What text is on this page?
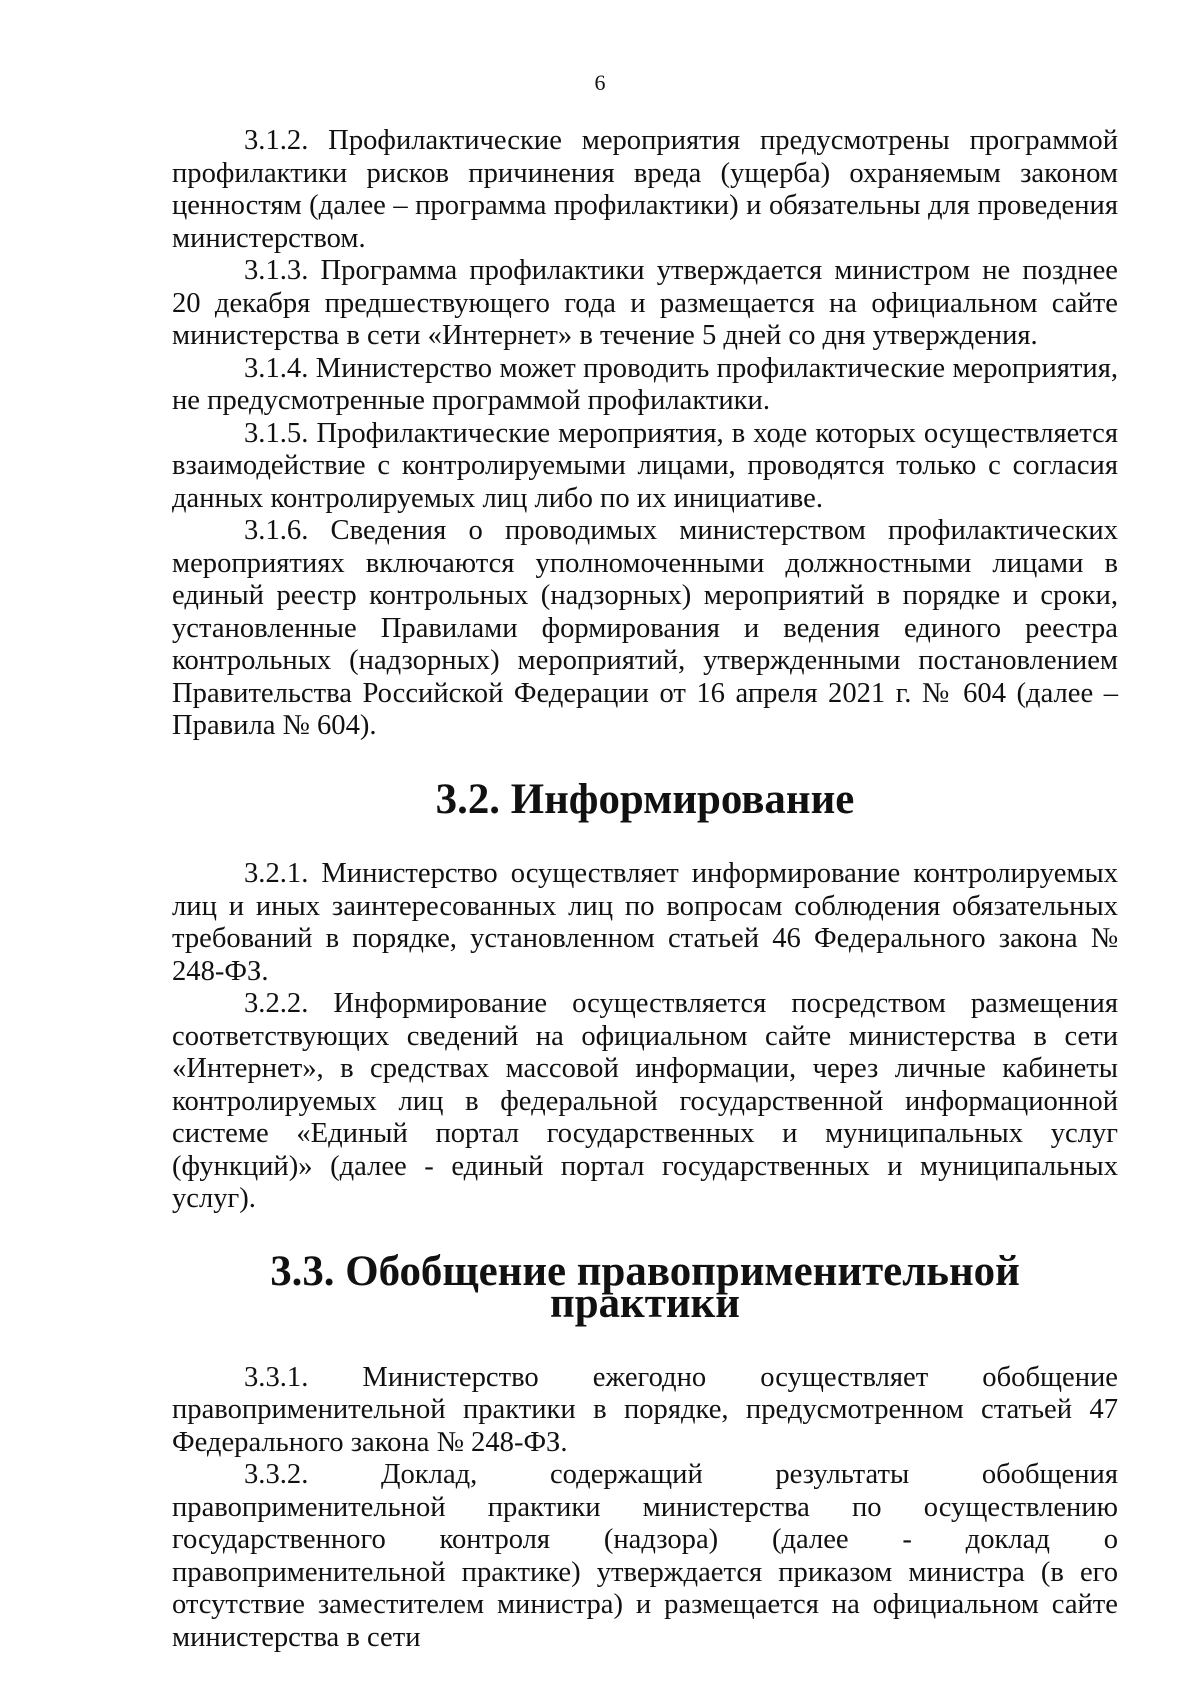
6

3.1.2. Профилактические мероприятия предусмотрены программой профилактики рисков причинения вреда (ущерба) охраняемым законом ценностям (далее – программа профилактики) и обязательны для проведения министерством.

3.1.3. Программа профилактики утверждается министром не позднее 20 декабря предшествующего года и размещается на официальном сайте министерства в сети «Интернет» в течение 5 дней со дня утверждения.

3.1.4. Министерство может проводить профилактические мероприятия, не предусмотренные программой профилактики.

3.1.5. Профилактические мероприятия, в ходе которых осуществляется взаимодействие с контролируемыми лицами, проводятся только с согласия данных контролируемых лиц либо по их инициативе.

3.1.6. Сведения о проводимых министерством профилактических мероприятиях включаются уполномоченными должностными лицами в единый реестр контрольных (надзорных) мероприятий в порядке и сроки, установленные Правилами формирования и ведения единого реестра контрольных (надзорных) мероприятий, утвержденными постановлением Правительства Российской Федерации от 16 апреля 2021 г. № 604 (далее – Правила № 604).

3.2. Информирование

3.2.1. Министерство осуществляет информирование контролируемых лиц и иных заинтересованных лиц по вопросам соблюдения обязательных требований в порядке, установленном статьей 46 Федерального закона № 248-ФЗ.

3.2.2. Информирование осуществляется посредством размещения соответствующих сведений на официальном сайте министерства в сети «Интернет», в средствах массовой информации, через личные кабинеты контролируемых лиц в федеральной государственной информационной системе «Единый портал государственных и муниципальных услуг (функций)» (далее - единый портал государственных и муниципальных услуг).

3.3. Обобщение правоприменительной практики

3.3.1. Министерство ежегодно осуществляет обобщение правоприменительной практики в порядке, предусмотренном статьей 47 Федерального закона № 248-ФЗ.

3.3.2. Доклад, содержащий результаты обобщения правоприменительной практики министерства по осуществлению государственного контроля (надзора) (далее - доклад о правоприменительной практике) утверждается приказом министра (в его отсутствие заместителем министра) и размещается на официальном сайте министерства в сети
